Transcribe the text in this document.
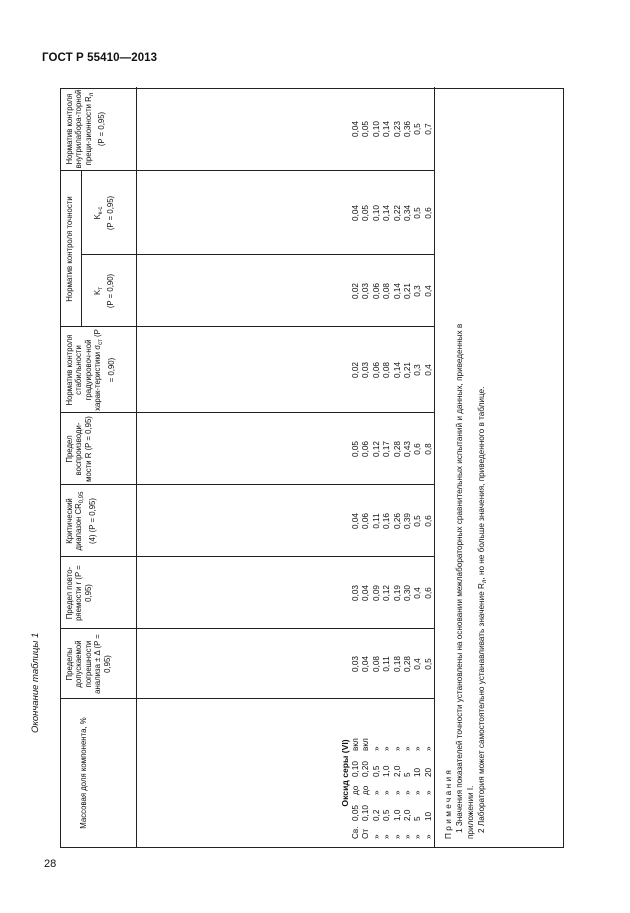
ГОСТ Р 55410—2013
28
Окончание таблицы 1
Массовая доля компонента, %
Пределы допускаемой погрешности анализа ± Δ (P = 0,95)
Предел повто-ряемости r (P = 0,95)
Критический диапазон $CR_{0,95}$ (4) (P = 0,95)
Предел воспроизводи-мости R (P = 0,95)
Норматив контроля стабильности градуировоч-ной харак-теристики $\sigma_{ст}$ (P = 0,90)
Норматив контроля точности	$K_т$ (P = 0,90)
$K_{к-с}$ (P = 0,95)
Норматив контроля внутрилабора-торной преци-зионности $R_л$ (P = 0,95)
Оксид серы (VI)
Св.
0,05
до
0,10
вкл
От
0,10
до
0,20
вкл
»
0,2
»
0,5
»
»
0,5
»
1,0
»
»
1,0
»
2,0
»
»
2,0
»
5
»
»
5
»
10
»
»
10
»
20
»
0,03 0,04 0,08 0,11 0,18 0,28 0,4 0,5
0,03 0,04 0,09 0,12 0,19 0,30 0,4 0,6
0,04 0,06 0,11 0,16 0,26 0,39 0,5 0,6
0,05 0,06 0,12 0,17 0,28 0,43 0,6 0,8
0,02 0,03 0,06 0,08 0,14 0,21 0,3 0,4
0,02 0,03 0,06 0,08 0,14 0,21 0,3 0,4
0,04 0,05 0,10 0,14 0,22 0,34 0,5 0,6
0,04 0,05 0,10 0,14 0,23 0,36 0,5 0,7

Примечания 1 Значения показателей точности установлены на основании межлабораторных сравнительных испытаний и данных, приведенных в приложении I. 2 Лаборатория может самостоятельно устанавливать значение $R_л$, но не больше значения, приведенного в таблице.
